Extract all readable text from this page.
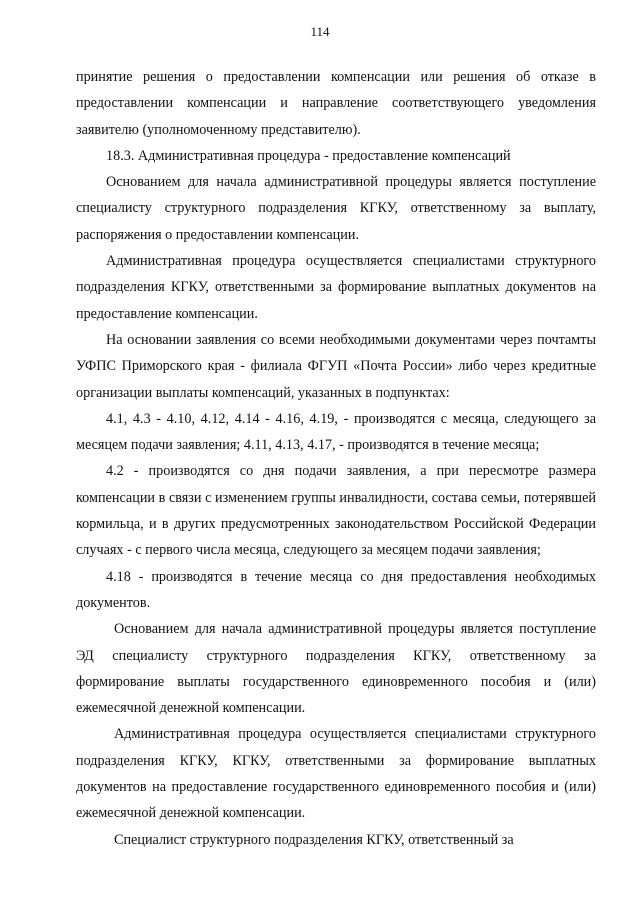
114

принятие решения о предоставлении компенсации или решения об отказе в предоставлении компенсации и направление соответствующего уведомления заявителю (уполномоченному представителю).

18.3. Административная процедура - предоставление компенсаций

Основанием для начала административной процедуры является поступление специалисту структурного подразделения КГКУ, ответственному за выплату, распоряжения о предоставлении компенсации.

Административная процедура осуществляется специалистами структурного подразделения КГКУ, ответственными за формирование выплатных документов на предоставление компенсации.

На основании заявления со всеми необходимыми документами через почтамты УФПС Приморского края - филиала ФГУП «Почта России» либо через кредитные организации выплаты компенсаций, указанных в подпунктах:

4.1, 4.3 - 4.10, 4.12, 4.14 - 4.16, 4.19, - производятся с месяца, следующего за месяцем подачи заявления; 4.11, 4.13, 4.17, - производятся в течение месяца;

4.2 - производятся со дня подачи заявления, а при пересмотре размера компенсации в связи с изменением группы инвалидности, состава семьи, потерявшей кормильца, и в других предусмотренных законодательством Российской Федерации случаях - с первого числа месяца, следующего за месяцем подачи заявления;

4.18 - производятся в течение месяца со дня предоставления необходимых документов.

Основанием для начала административной процедуры является поступление ЭД специалисту структурного подразделения КГКУ, ответственному за формирование выплаты государственного единовременного пособия и (или) ежемесячной денежной компенсации.

Административная процедура осуществляется специалистами структурного подразделения КГКУ, КГКУ, ответственными за формирование выплатных документов на предоставление государственного единовременного пособия и (или) ежемесячной денежной компенсации.

Специалист структурного подразделения КГКУ, ответственный за
